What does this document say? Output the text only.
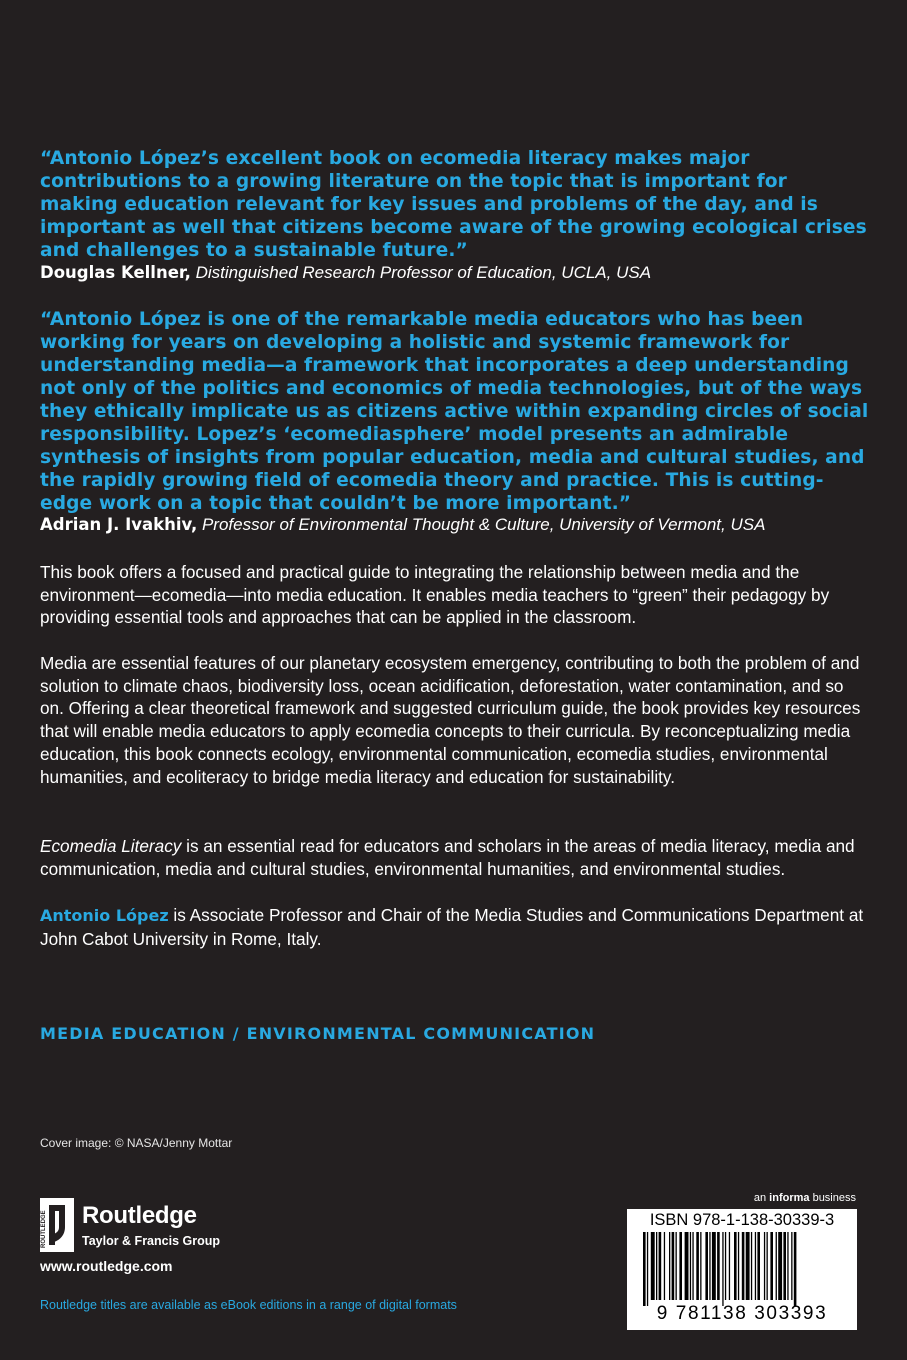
“Antonio López’s excellent book on ecomedia literacy makes major contributions to a growing literature on the topic that is important for making education relevant for key issues and problems of the day, and is important as well that citizens become aware of the growing ecological crises and challenges to a sustainable future.”
Douglas Kellner, Distinguished Research Professor of Education, UCLA, USA
“Antonio López is one of the remarkable media educators who has been working for years on developing a holistic and systemic framework for understanding media—a framework that incorporates a deep understanding not only of the politics and economics of media technologies, but of the ways they ethically implicate us as citizens active within expanding circles of social responsibility. Lopez’s ‘ecomediasphere’ model presents an admirable synthesis of insights from popular education, media and cultural studies, and the rapidly growing field of ecomedia theory and practice. This is cutting-edge work on a topic that couldn’t be more important.”
Adrian J. Ivakhiv, Professor of Environmental Thought & Culture, University of Vermont, USA
This book offers a focused and practical guide to integrating the relationship between media and the environment—ecomedia—into media education. It enables media teachers to “green” their pedagogy by providing essential tools and approaches that can be applied in the classroom.
Media are essential features of our planetary ecosystem emergency, contributing to both the problem of and solution to climate chaos, biodiversity loss, ocean acidification, deforestation, water contamination, and so on. Offering a clear theoretical framework and suggested curriculum guide, the book provides key resources that will enable media educators to apply ecomedia concepts to their curricula. By reconceptualizing media education, this book connects ecology, environmental communication, ecomedia studies, environmental humanities, and ecoliteracy to bridge media literacy and education for sustainability.
Ecomedia Literacy is an essential read for educators and scholars in the areas of media literacy, media and communication, media and cultural studies, environmental humanities, and environmental studies.
Antonio López is Associate Professor and Chair of the Media Studies and Communications Department at John Cabot University in Rome, Italy.
MEDIA EDUCATION / ENVIRONMENTAL COMMUNICATION
Cover image: © NASA/Jenny Mottar
ROUTLEDGE Routledge
Taylor & Francis Group
www.routledge.com
Routledge titles are available as eBook editions in a range of digital formats
an informa business
ISBN 978-1-138-30339-3
9 781138 303393
